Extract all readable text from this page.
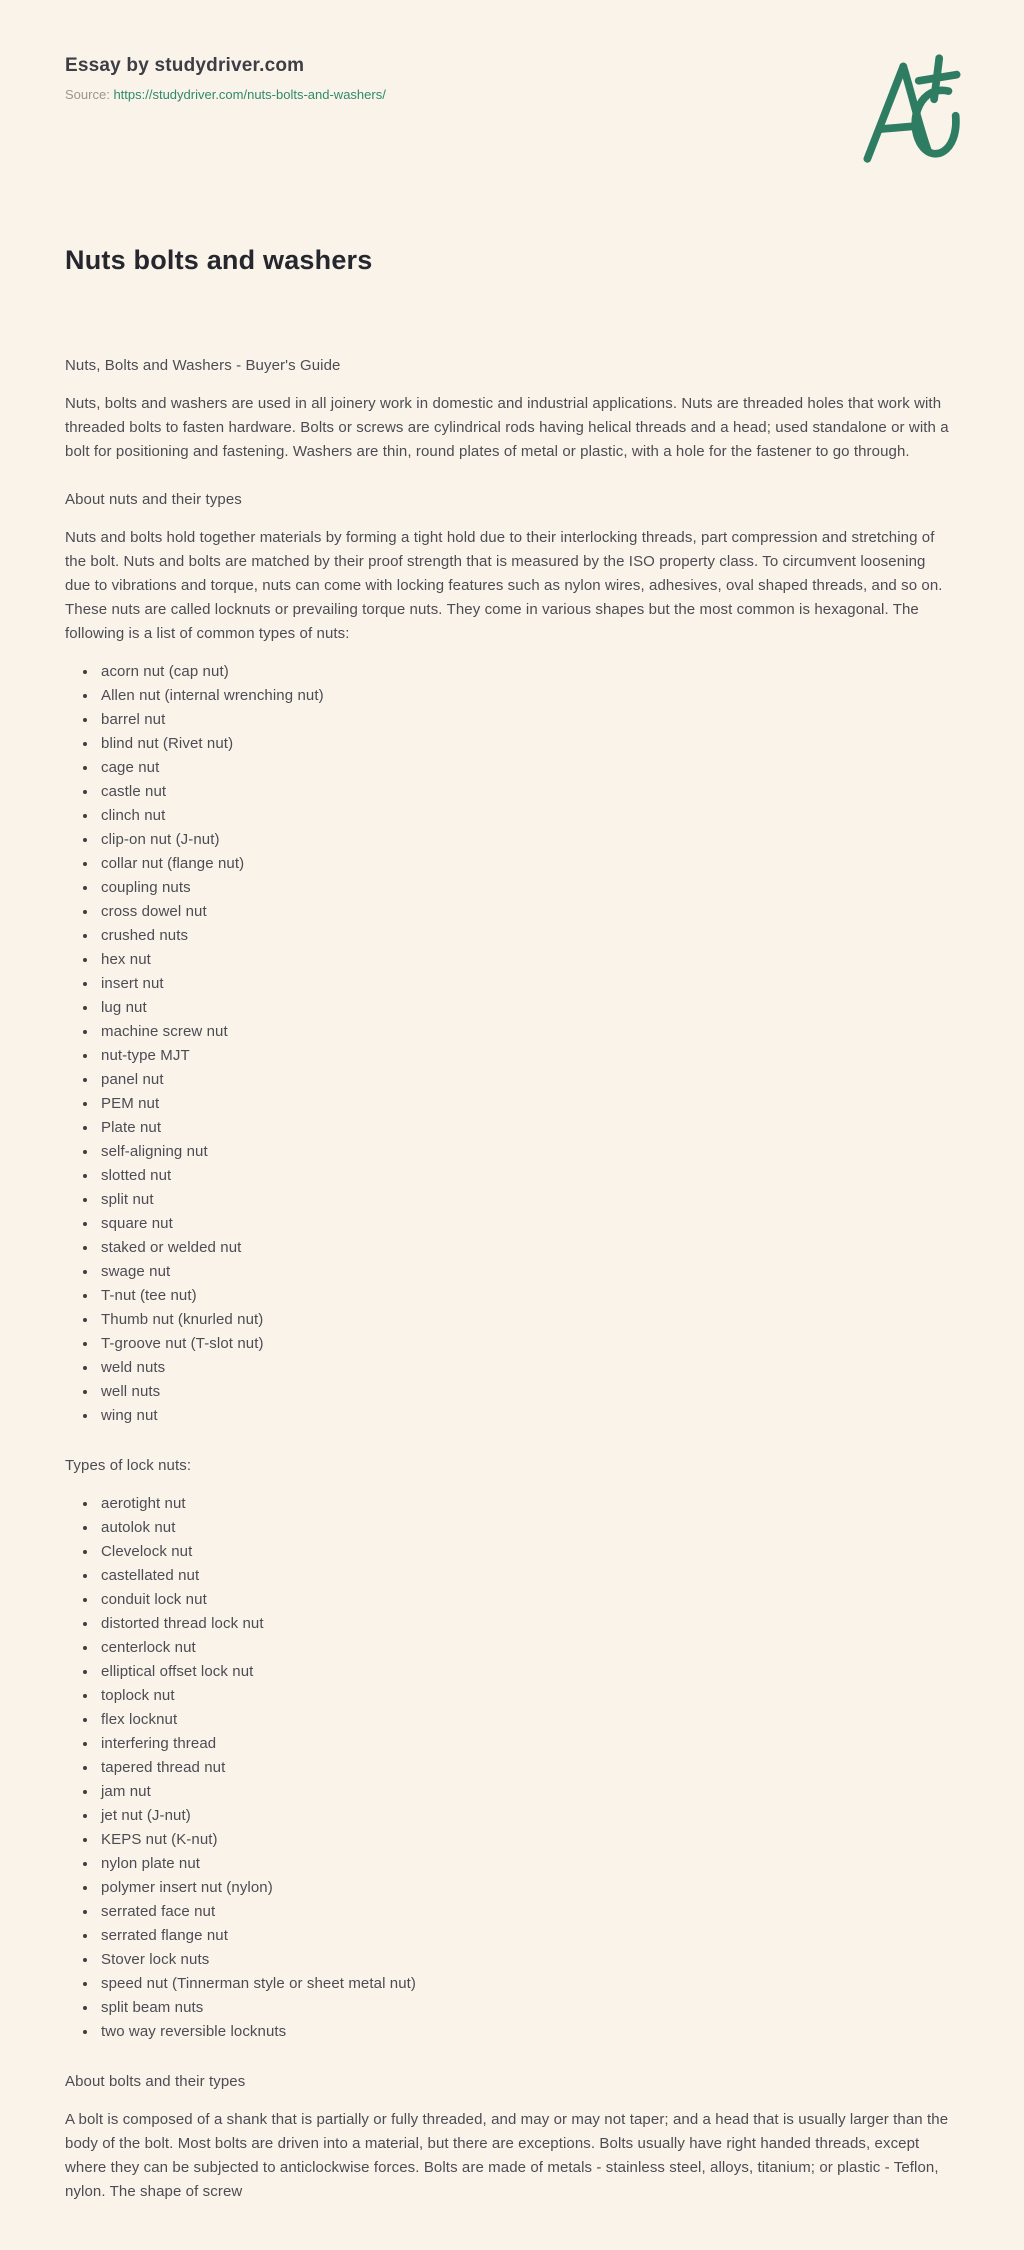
Essay by studydriver.com
Source: https://studydriver.com/nuts-bolts-and-washers/
Nuts bolts and washers

Nuts, Bolts and Washers - Buyer's Guide

Nuts, bolts and washers are used in all joinery work in domestic and industrial applications. Nuts are threaded holes that work with threaded bolts to fasten hardware. Bolts or screws are cylindrical rods having helical threads and a head; used standalone or with a bolt for positioning and fastening. Washers are thin, round plates of metal or plastic, with a hole for the fastener to go through.

About nuts and their types

Nuts and bolts hold together materials by forming a tight hold due to their interlocking threads, part compression and stretching of the bolt. Nuts and bolts are matched by their proof strength that is measured by the ISO property class. To circumvent loosening due to vibrations and torque, nuts can come with locking features such as nylon wires, adhesives, oval shaped threads, and so on. These nuts are called locknuts or prevailing torque nuts. They come in various shapes but the most common is hexagonal. The following is a list of common types of nuts:

• acorn nut (cap nut)
• Allen nut (internal wrenching nut)
• barrel nut
• blind nut (Rivet nut)
• cage nut
• castle nut
• clinch nut
• clip-on nut (J-nut)
• collar nut (flange nut)
• coupling nuts
• cross dowel nut
• crushed nuts
• hex nut
• insert nut
• lug nut
• machine screw nut
• nut-type MJT
• panel nut
• PEM nut
• Plate nut
• self-aligning nut
• slotted nut
• split nut
• square nut
• staked or welded nut
• swage nut
• T-nut (tee nut)
• Thumb nut (knurled nut)
• T-groove nut (T-slot nut)
• weld nuts
• well nuts
• wing nut

Types of lock nuts:

• aerotight nut
• autolok nut
• Clevelock nut
• castellated nut
• conduit lock nut
• distorted thread lock nut
• centerlock nut
• elliptical offset lock nut
• toplock nut
• flex locknut
• interfering thread
• tapered thread nut
• jam nut
• jet nut (J-nut)
• KEPS nut (K-nut)
• nylon plate nut
• polymer insert nut (nylon)
• serrated face nut
• serrated flange nut
• Stover lock nuts
• speed nut (Tinnerman style or sheet metal nut)
• split beam nuts
• two way reversible locknuts

About bolts and their types

A bolt is composed of a shank that is partially or fully threaded, and may or may not taper; and a head that is usually larger than the body of the bolt. Most bolts are driven into a material, but there are exceptions. Bolts usually have right handed threads, except where they can be subjected to anticlockwise forces. Bolts are made of metals - stainless steel, alloys, titanium; or plastic - Teflon, nylon. The shape of screw
